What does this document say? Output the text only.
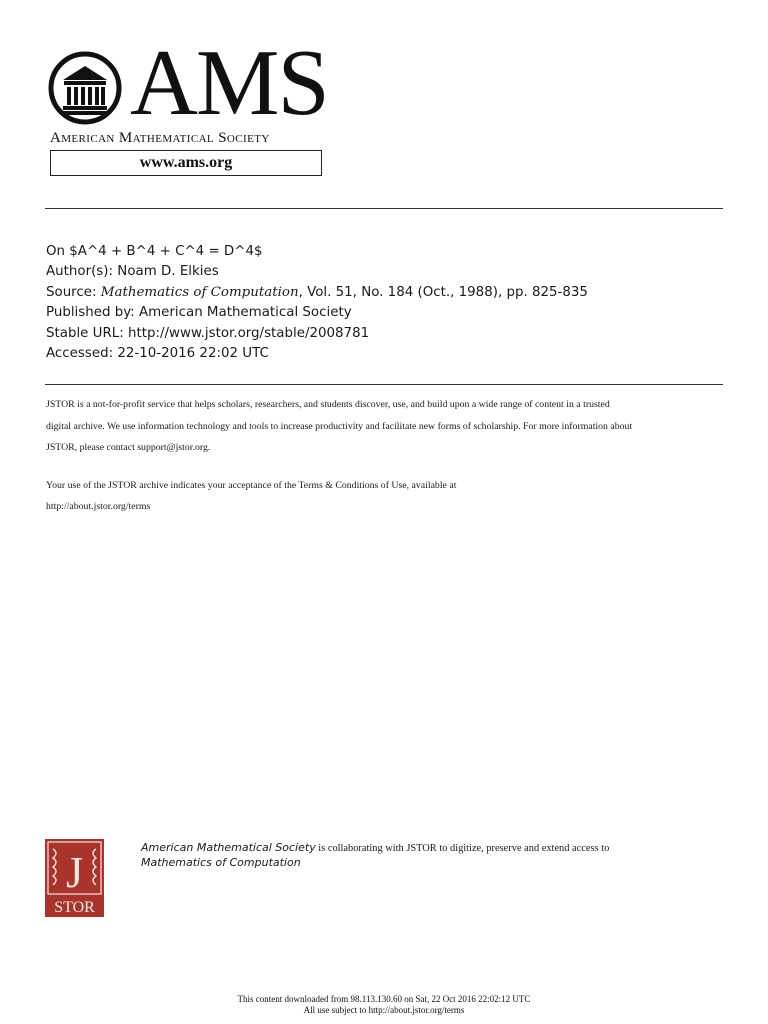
AMS
American Mathematical Society
www.ams.org
On $A^4 + B^4 + C^4 = D^4$
Author(s): Noam D. Elkies
Source: Mathematics of Computation, Vol. 51, No. 184 (Oct., 1988), pp. 825-835
Published by: American Mathematical Society
Stable URL: http://www.jstor.org/stable/2008781
Accessed: 22-10-2016 22:02 UTC

JSTOR is a not-for-profit service that helps scholars, researchers, and students discover, use, and build upon a wide range of content in a trusted
digital archive. We use information technology and tools to increase productivity and facilitate new forms of scholarship. For more information about
JSTOR, please contact support@jstor.org.

Your use of the JSTOR archive indicates your acceptance of the Terms & Conditions of Use, available at
http://about.jstor.org/terms

J
STOR
American Mathematical Society is collaborating with JSTOR to digitize, preserve and extend access to
Mathematics of Computation
This content downloaded from 98.113.130.60 on Sat, 22 Oct 2016 22:02:12 UTC
All use subject to http://about.jstor.org/terms
